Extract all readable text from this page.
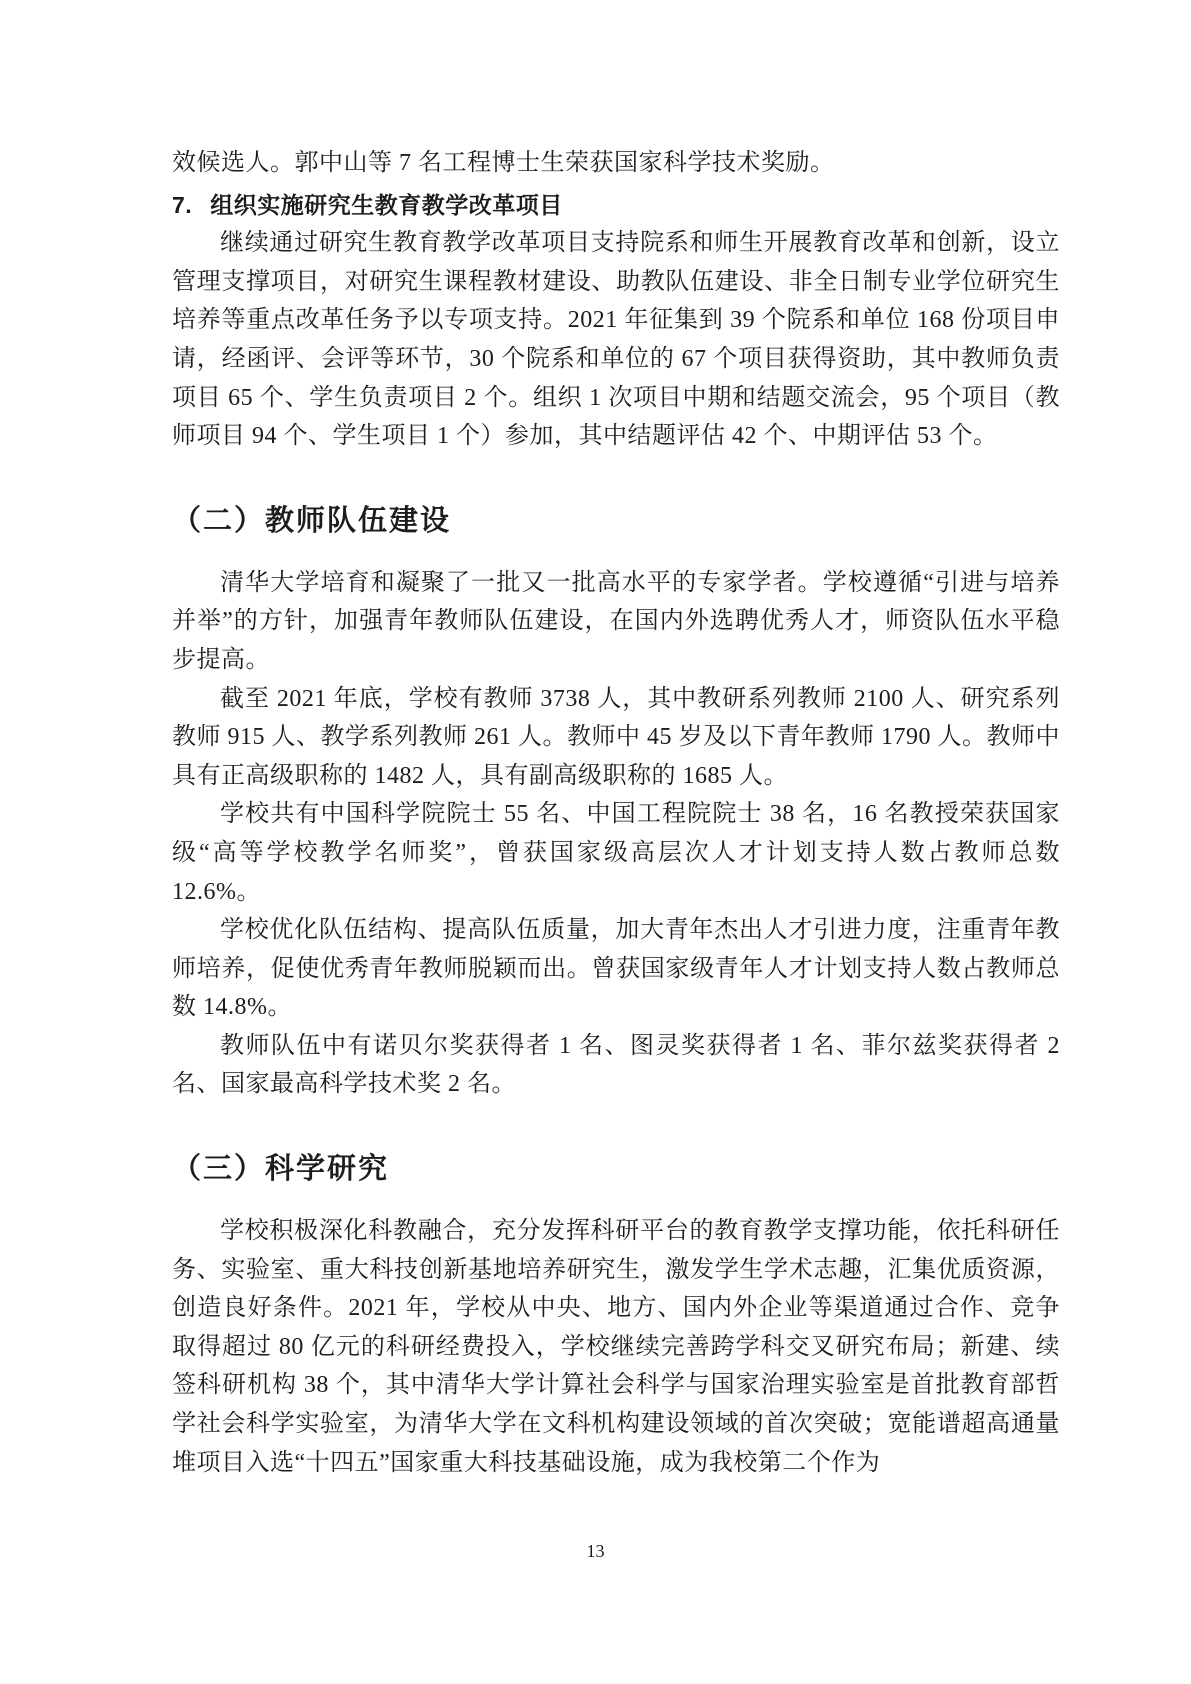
效候选人。郭中山等 7 名工程博士生荣获国家科学技术奖励。

7. 组织实施研究生教育教学改革项目

继续通过研究生教育教学改革项目支持院系和师生开展教育改革和创新，设立管理支撑项目，对研究生课程教材建设、助教队伍建设、非全日制专业学位研究生培养等重点改革任务予以专项支持。2021 年征集到 39 个院系和单位 168 份项目申请，经函评、会评等环节，30 个院系和单位的 67 个项目获得资助，其中教师负责项目 65 个、学生负责项目 2 个。组织 1 次项目中期和结题交流会，95 个项目（教师项目 94 个、学生项目 1 个）参加，其中结题评估 42 个、中期评估 53 个。

（二）教师队伍建设

清华大学培育和凝聚了一批又一批高水平的专家学者。学校遵循“引进与培养并举”的方针，加强青年教师队伍建设，在国内外选聘优秀人才，师资队伍水平稳步提高。

截至 2021 年底，学校有教师 3738 人，其中教研系列教师 2100 人、研究系列教师 915 人、教学系列教师 261 人。教师中 45 岁及以下青年教师 1790 人。教师中具有正高级职称的 1482 人，具有副高级职称的 1685 人。

学校共有中国科学院院士 55 名、中国工程院院士 38 名，16 名教授荣获国家级“高等学校教学名师奖”，曾获国家级高层次人才计划支持人数占教师总数 12.6%。

学校优化队伍结构、提高队伍质量，加大青年杰出人才引进力度，注重青年教师培养，促使优秀青年教师脱颖而出。曾获国家级青年人才计划支持人数占教师总数 14.8%。

教师队伍中有诺贝尔奖获得者 1 名、图灵奖获得者 1 名、菲尔兹奖获得者 2 名、国家最高科学技术奖 2 名。

（三）科学研究

学校积极深化科教融合，充分发挥科研平台的教育教学支撑功能，依托科研任务、实验室、重大科技创新基地培养研究生，激发学生学术志趣，汇集优质资源，创造良好条件。2021 年，学校从中央、地方、国内外企业等渠道通过合作、竞争取得超过 80 亿元的科研经费投入，学校继续完善跨学科交叉研究布局；新建、续签科研机构 38 个，其中清华大学计算社会科学与国家治理实验室是首批教育部哲学社会科学实验室，为清华大学在文科机构建设领域的首次突破；宽能谱超高通量堆项目入选“十四五”国家重大科技基础设施，成为我校第二个作为

13
